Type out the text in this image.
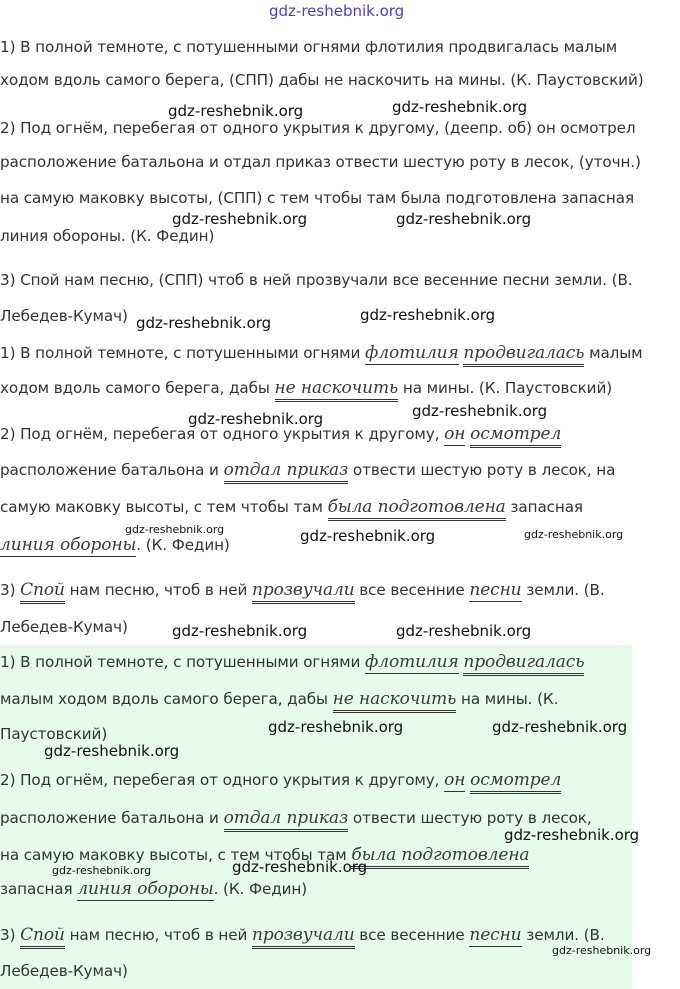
1) В полной темноте, с потушенными огнями флотилия продвигалась малым
ходом вдоль самого берега, (СПП) дабы не наскочить на мины. (К. Паустовский)
2) Под огнём, перебегая от одного укрытия к другому, (деепр. об) он осмотрел
расположение батальона и отдал приказ отвести шестую роту в лесок, (уточн.)
на самую маковку высоты, (СПП) с тем чтобы там была подготовлена запасная
линия обороны. (К. Федин)
3) Спой нам песню, (СПП) чтоб в ней прозвучали все весенние песни земли. (В.
Лебедев-Кумач)
1) В полной темноте, с потушенными огнями флотилия продвигалась малым
ходом вдоль самого берега, дабы не наскочить на мины. (К. Паустовский)
2) Под огнём, перебегая от одного укрытия к другому, он осмотрел
расположение батальона и отдал приказ отвести шестую роту в лесок, на
самую маковку высоты, с тем чтобы там была подготовлена запасная
линия обороны. (К. Федин)
3) Спой нам песню, чтоб в ней прозвучали все весенние песни земли. (В.
Лебедев-Кумач)
1) В полной темноте, с потушенными огнями флотилия продвигалась
малым ходом вдоль самого берега, дабы не наскочить на мины. (К.
Паустовский)
2) Под огнём, перебегая от одного укрытия к другому, он осмотрел
расположение батальона и отдал приказ отвести шестую роту в лесок,
на самую маковку высоты, с тем чтобы там была подготовлена
запасная линия обороны. (К. Федин)
3) Спой нам песню, чтоб в ней прозвучали все весенние песни земли. (В.
Лебедев-Кумач)
gdz-reshebnik.org
gdz-reshebnik.org	gdz-reshebnik.org
gdz-reshebnik.org	gdz-reshebnik.org
gdz-reshebnik.org	gdz-reshebnik.org
gdz-reshebnik.org	gdz-reshebnik.org
gdz-reshebnik.org	gdz-reshebnik.org	gdz-reshebnik.org
gdz-reshebnik.org	gdz-reshebnik.org
gdz-reshebnik.org	gdz-reshebnik.org
gdz-reshebnik.org
gdz-reshebnik.org
gdz-reshebnik.org	gdz-reshebnik.org
gdz-reshebnik.org
